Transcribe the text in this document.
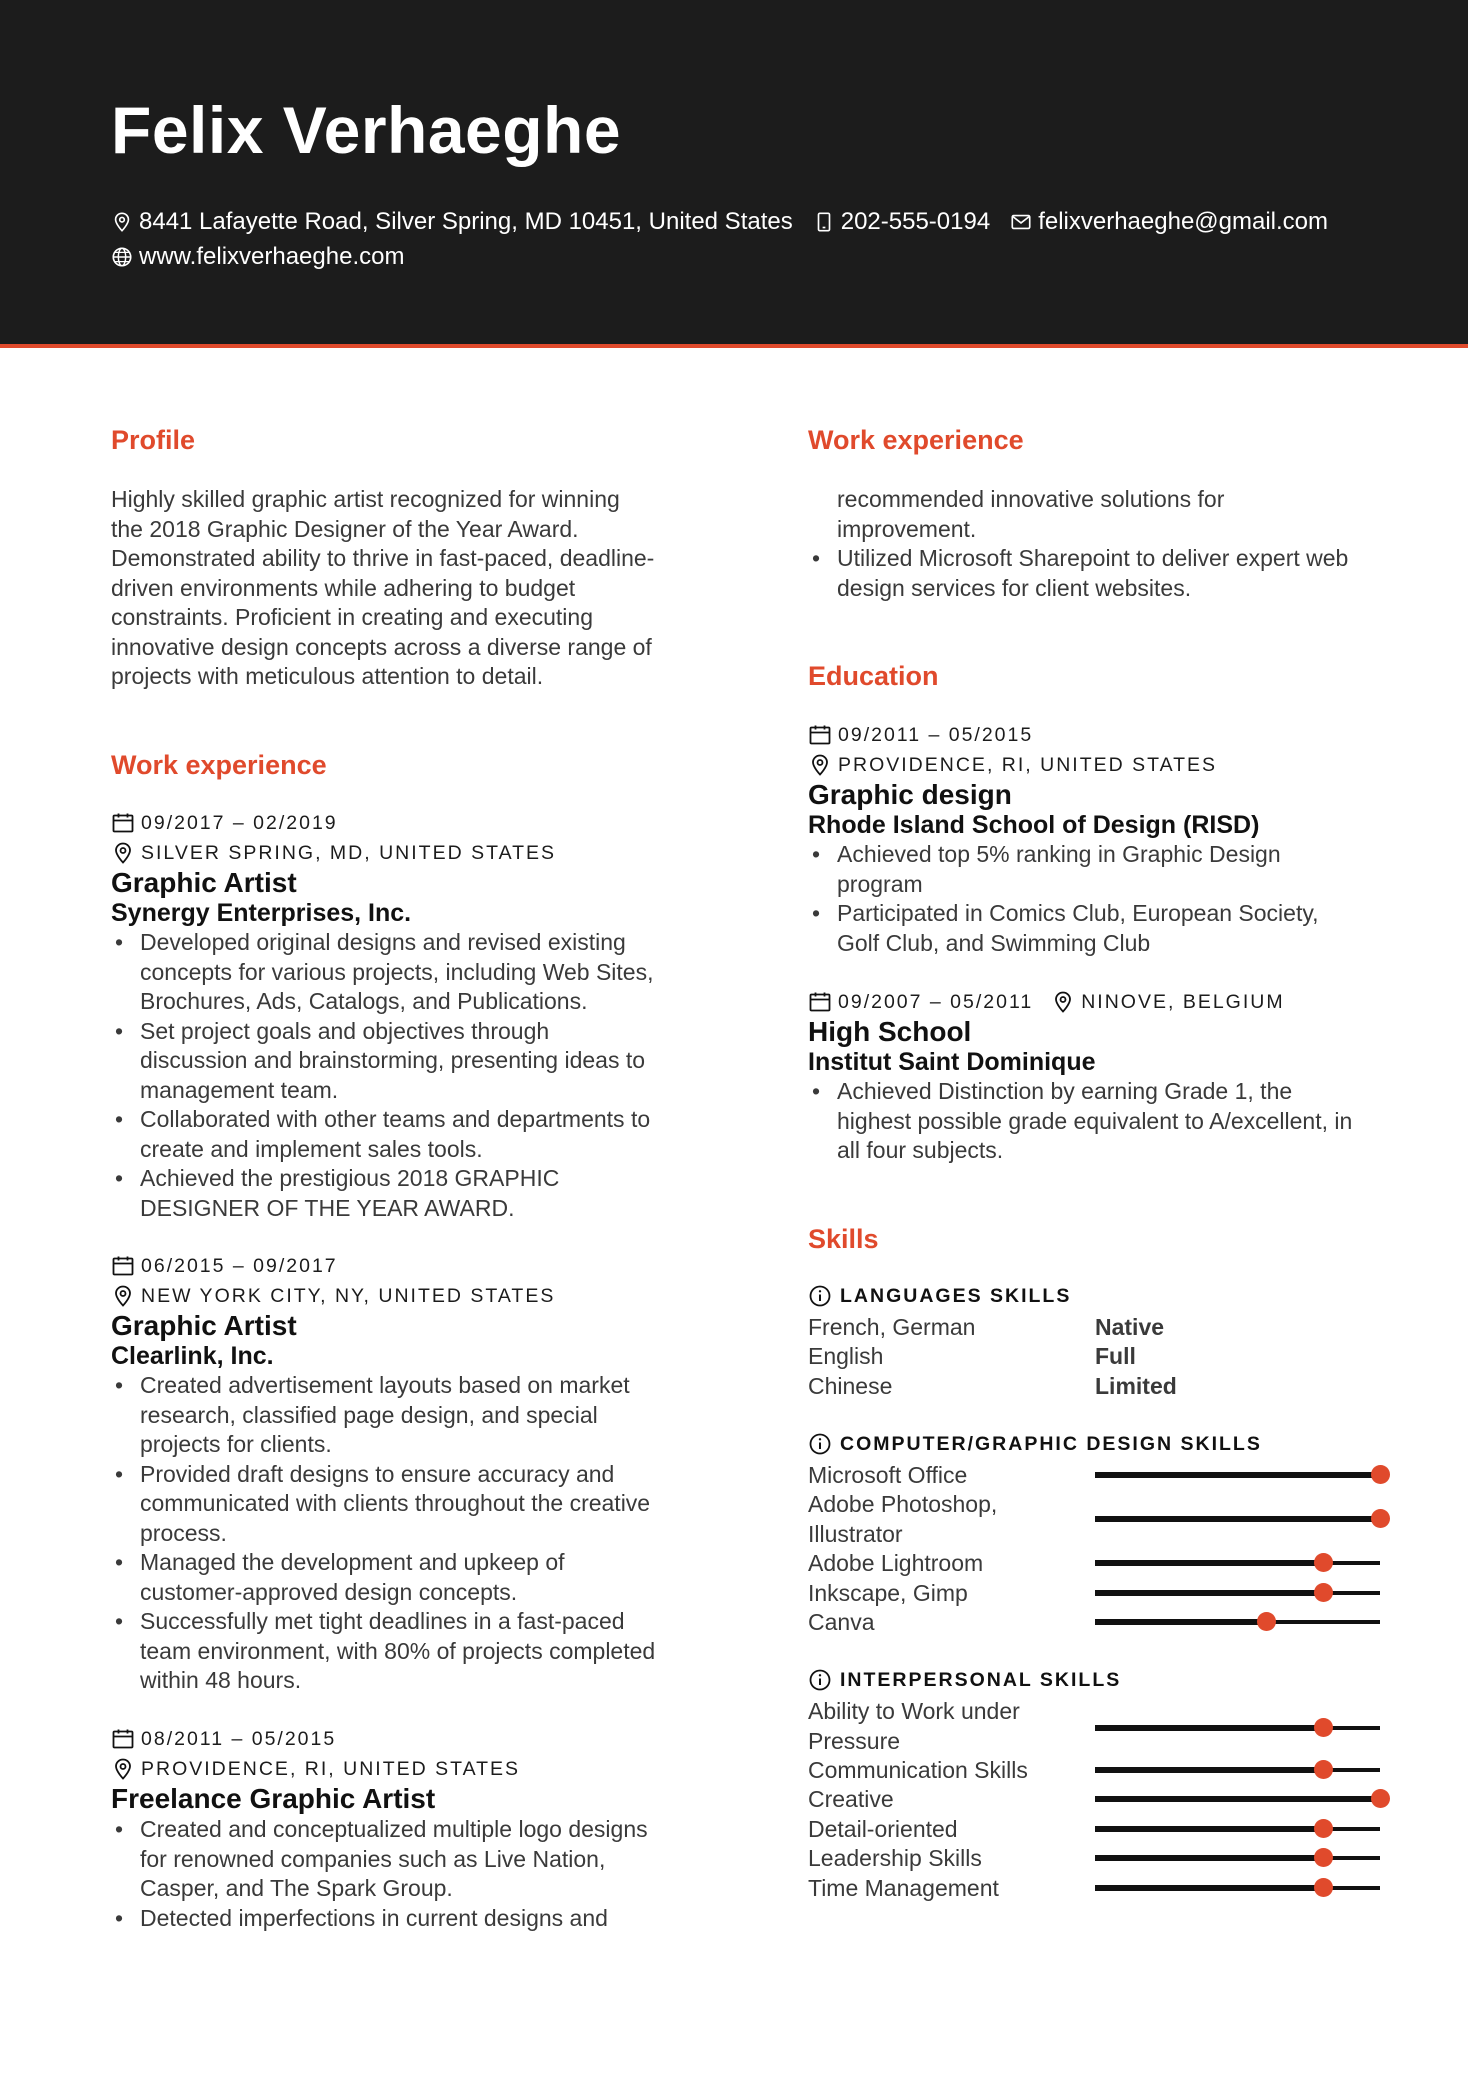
Felix Verhaeghe
8441 Lafayette Road, Silver Spring, MD 10451, United States 202-555-0194 felixverhaeghe@gmail.com
www.felixverhaeghe.com
Profile
Highly skilled graphic artist recognized for winning
the 2018 Graphic Designer of the Year Award.
Demonstrated ability to thrive in fast-paced, deadline-
driven environments while adhering to budget
constraints. Proficient in creating and executing
innovative design concepts across a diverse range of
projects with meticulous attention to detail.
Work experience
09/2017 – 02/2019
SILVER SPRING, MD, UNITED STATES
Graphic Artist
Synergy Enterprises, Inc.
• Developed original designs and revised existing
concepts for various projects, including Web Sites,
Brochures, Ads, Catalogs, and Publications.
• Set project goals and objectives through
discussion and brainstorming, presenting ideas to
management team.
• Collaborated with other teams and departments to
create and implement sales tools.
• Achieved the prestigious 2018 GRAPHIC
DESIGNER OF THE YEAR AWARD.
06/2015 – 09/2017
NEW YORK CITY, NY, UNITED STATES
Graphic Artist
Clearlink, Inc.
• Created advertisement layouts based on market
research, classified page design, and special
projects for clients.
• Provided draft designs to ensure accuracy and
communicated with clients throughout the creative
process.
• Managed the development and upkeep of
customer-approved design concepts.
• Successfully met tight deadlines in a fast-paced
team environment, with 80% of projects completed
within 48 hours.
08/2011 – 05/2015
PROVIDENCE, RI, UNITED STATES
Freelance Graphic Artist
• Created and conceptualized multiple logo designs
for renowned companies such as Live Nation,
Casper, and The Spark Group.
• Detected imperfections in current designs and
Work experience
recommended innovative solutions for
improvement.
• Utilized Microsoft Sharepoint to deliver expert web
design services for client websites.
Education
09/2011 – 05/2015
PROVIDENCE, RI, UNITED STATES
Graphic design
Rhode Island School of Design (RISD)
• Achieved top 5% ranking in Graphic Design
program
• Participated in Comics Club, European Society,
Golf Club, and Swimming Club
09/2007 – 05/2011 NINOVE, BELGIUM
High School
Institut Saint Dominique
• Achieved Distinction by earning Grade 1, the
highest possible grade equivalent to A/excellent, in
all four subjects.
Skills
LANGUAGES SKILLS
French, German	Native
English	Full
Chinese	Limited
COMPUTER/GRAPHIC DESIGN SKILLS
Microsoft Office
Adobe Photoshop, Illustrator
Adobe Lightroom
Inkscape, Gimp
Canva
INTERPERSONAL SKILLS
Ability to Work under Pressure
Communication Skills
Creative
Detail-oriented
Leadership Skills
Time Management
